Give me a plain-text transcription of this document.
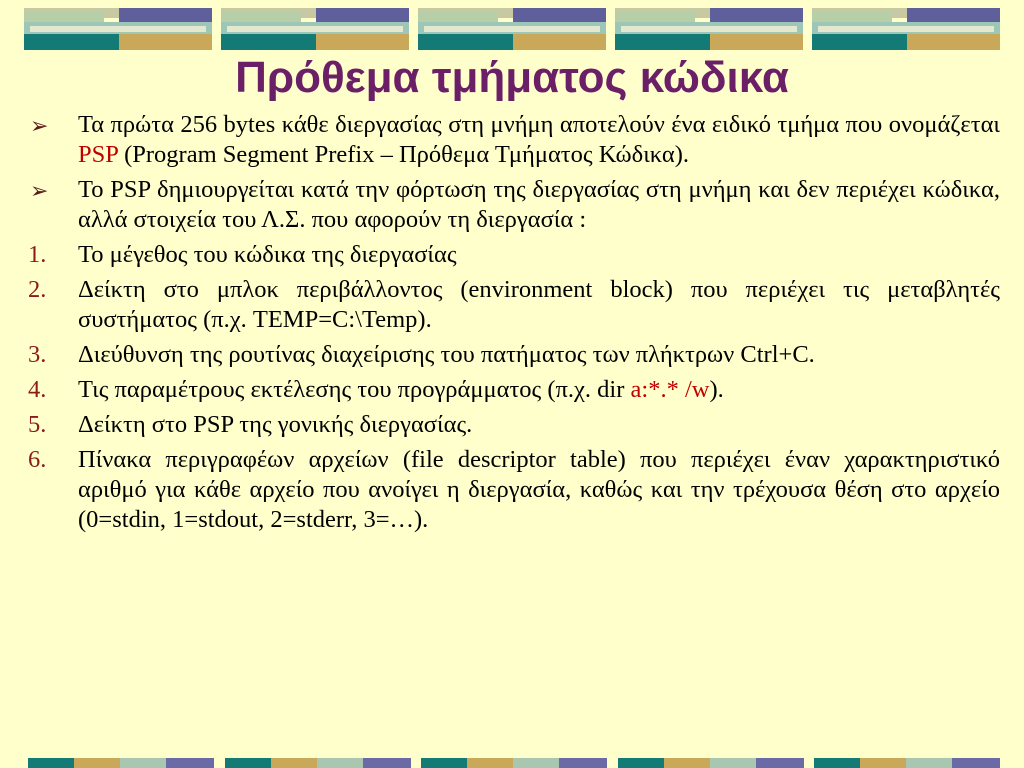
Πρόθεμα τμήματος κώδικα
➢ Τα πρώτα 256 bytes κάθε διεργασίας στη μνήμη αποτελούν ένα ειδικό τμήμα που ονομάζεται PSP (Program Segment Prefix – Πρόθεμα Τμήματος Κώδικα).
➢ Το PSP δημιουργείται κατά την φόρτωση της διεργασίας στη μνήμη και δεν περιέχει κώδικα, αλλά στοιχεία του Λ.Σ. που αφορούν τη διεργασία :
1. Το μέγεθος του κώδικα της διεργασίας
2. Δείκτη στο μπλοκ περιβάλλοντος (environment block) που περιέχει τις μεταβλητές συστήματος (π.χ. TEMP=C:\Temp).
3. Διεύθυνση της ρουτίνας διαχείρισης του πατήματος των πλήκτρων Ctrl+C.
4. Τις παραμέτρους εκτέλεσης του προγράμματος (π.χ. dir a:*.* /w).
5. Δείκτη στο PSP της γονικής διεργασίας.
6. Πίνακα περιγραφέων αρχείων (file descriptor table) που περιέχει έναν χαρακτηριστικό αριθμό για κάθε αρχείο που ανοίγει η διεργασία, καθώς και την τρέχουσα θέση στο αρχείο (0=stdin, 1=stdout, 2=stderr, 3=…).
